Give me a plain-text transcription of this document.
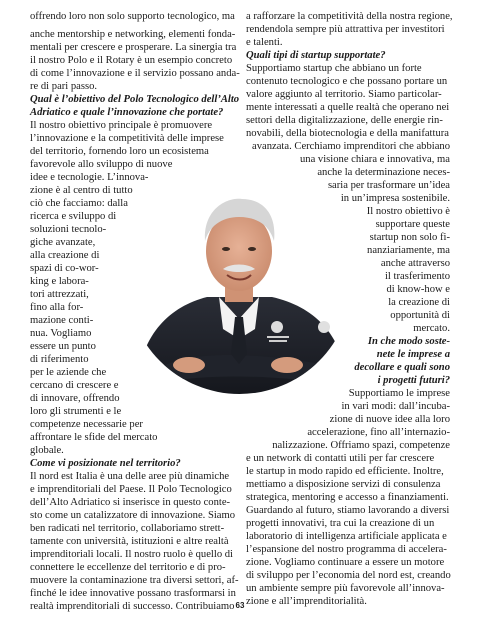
offrendo loro non solo supporto tecnologico, ma
anche mentorship e networking, elementi fonda-
mentali per crescere e prosperare. La sinergia tra
il nostro Polo e il Rotary è un esempio concreto
di come l’innovazione e il servizio possano anda-
re di pari passo.
Qual è l’obiettivo del Polo Tecnologico dell’Alto
Adriatico e quale l’innovazione che portate?
Il nostro obiettivo principale è promuovere
l’innovazione e la competitività delle imprese
del territorio, fornendo loro un ecosistema
favorevole allo sviluppo di nuove
idee e tecnologie. L’innova-
zione è al centro di tutto
ciò che facciamo: dalla
ricerca e sviluppo di
soluzioni tecnolo-
giche avanzate,
alla creazione di
spazi di co-wor-
king e labora-
tori attrezzati,
fino alla for-
mazione conti-
nua. Vogliamo
essere un punto
di riferimento
per le aziende che
cercano di crescere e
di innovare, offrendo
loro gli strumenti e le
competenze necessarie per
affrontare le sfide del mercato
globale.
Come vi posizionate nel territorio?
Il nord est Italia è una delle aree più dinamiche
e imprenditoriali del Paese. Il Polo Tecnologico
dell’Alto Adriatico si inserisce in questo conte-
sto come un catalizzatore di innovazione. Siamo
ben radicati nel territorio, collaboriamo strett-
tamente con università, istituzioni e altre realtà
imprenditoriali locali. Il nostro ruolo è quello di
connettere le eccellenze del territorio e di pro-
muovere la contaminazione tra diversi settori, af-
finché le idee innovative possano trasformarsi in
realtà imprenditoriali di successo. Contribuiamo
a rafforzare la competitività della nostra regione,
rendendola sempre più attrattiva per investitori
e talenti.
Quali tipi di startup supportate?
Supportiamo startup che abbiano un forte
contenuto tecnologico e che possano portare un
valore aggiunto al territorio. Siamo particolar-
mente interessati a quelle realtà che operano nei
settori della digitalizzazione, delle energie rin-
novabili, della biotecnologia e della manifattura
avanzata. Cerchiamo imprenditori che abbiano
una visione chiara e innovativa, ma
anche la determinazione neces-
saria per trasformare un’idea
in un’impresa sostenibile.
Il nostro obiettivo è
supportare queste
startup non solo fi-
nanziariamente, ma
anche attraverso
il trasferimento
di know-how e
la creazione di
opportunità di
mercato.
In che modo soste-
nete le imprese a
decollare e quali sono
i progetti futuri?
Supportiamo le imprese
in vari modi: dall’incuba-
zione di nuove idee alla loro
accelerazione, fino all’internazio-
nalizzazione. Offriamo spazi, competenze
e un network di contatti utili per far crescere
le startup in modo rapido ed efficiente. Inoltre,
mettiamo a disposizione servizi di consulenza
strategica, mentoring e accesso a finanziamenti.
Guardando al futuro, stiamo lavorando a diversi
progetti innovativi, tra cui la creazione di un
laboratorio di intelligenza artificiale applicata e
l’espansione del nostro programma di accelera-
zione. Vogliamo continuare a essere un motore
di sviluppo per l’economia del nord est, creando
un ambiente sempre più favorevole all’innova-
zione e all’imprenditorialità.
63
